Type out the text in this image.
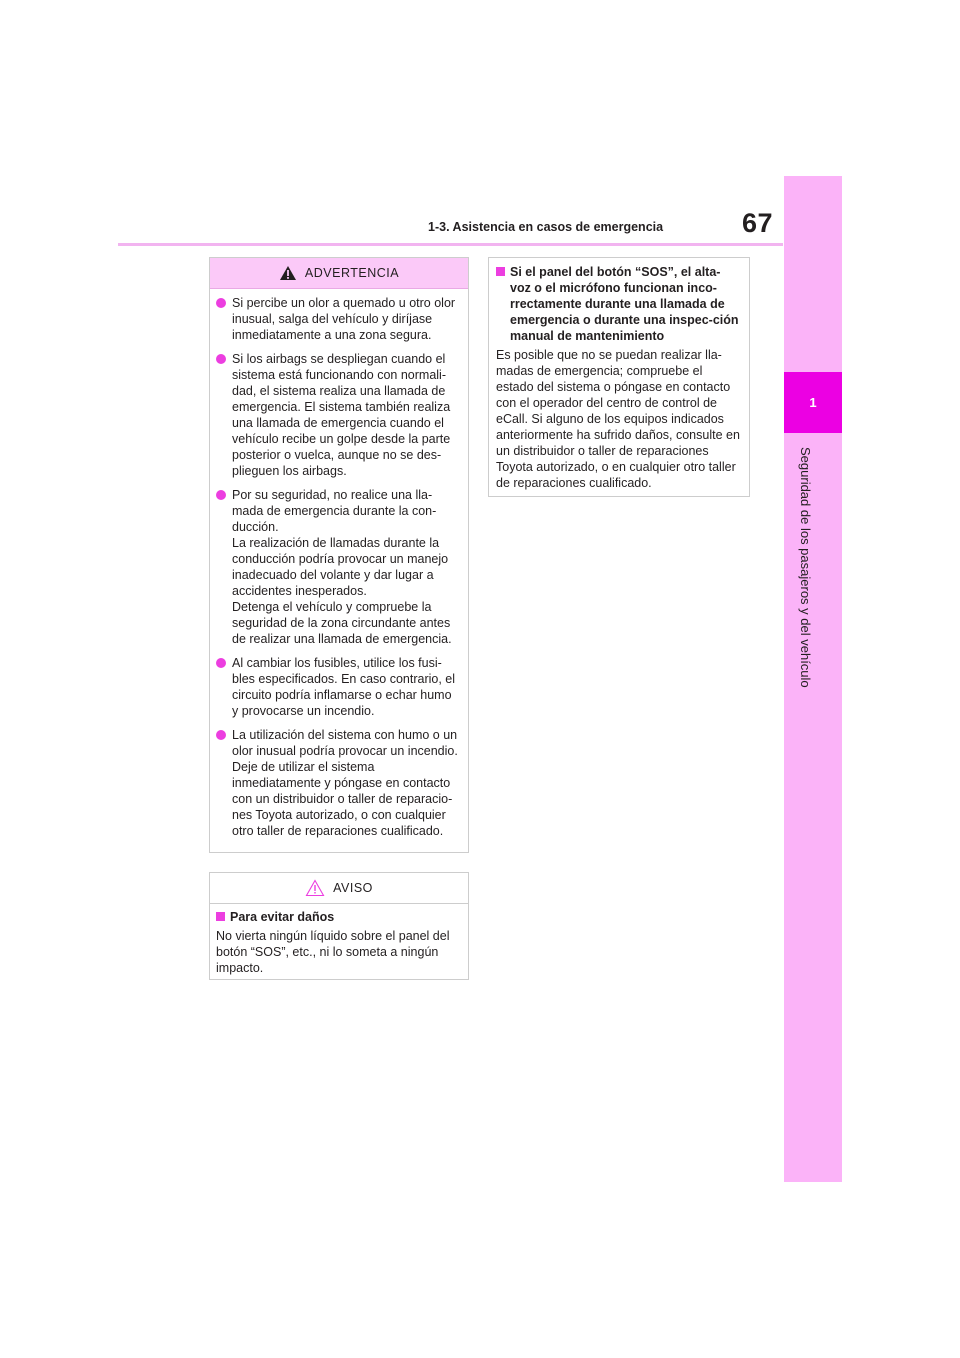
1-3. Asistencia en casos de emergencia	67
1
Seguridad de los pasajeros y del vehículo
ADVERTENCIA

Si percibe un olor a quemado u otro olor inusual, salga del vehículo y diríjase inmediatamente a una zona segura.

Si los airbags se despliegan cuando el sistema está funcionando con normali-dad, el sistema realiza una llamada de emergencia. El sistema también realiza una llamada de emergencia cuando el vehículo recibe un golpe desde la parte posterior o vuelca, aunque no se des-plieguen los airbags.

Por su seguridad, no realice una lla-mada de emergencia durante la con-ducción.
La realización de llamadas durante la conducción podría provocar un manejo inadecuado del volante y dar lugar a accidentes inesperados.
Detenga el vehículo y compruebe la seguridad de la zona circundante antes de realizar una llamada de emergencia.

Al cambiar los fusibles, utilice los fusi-bles especificados. En caso contrario, el circuito podría inflamarse o echar humo y provocarse un incendio.

La utilización del sistema con humo o un olor inusual podría provocar un incendio. Deje de utilizar el sistema inmediatamente y póngase en contacto con un distribuidor o taller de reparacio-nes Toyota autorizado, o con cualquier otro taller de reparaciones cualificado.

AVISO
Para evitar daños

No vierta ningún líquido sobre el panel del botón “SOS”, etc., ni lo someta a ningún impacto.

Si el panel del botón “SOS”, el alta-voz o el micrófono funcionan inco-rrectamente durante una llamada de emergencia o durante una inspec-ción manual de mantenimiento

Es posible que no se puedan realizar lla-madas de emergencia; compruebe el estado del sistema o póngase en contacto con el operador del centro de control de eCall. Si alguno de los equipos indicados anteriormente ha sufrido daños, consulte en un distribuidor o taller de reparaciones Toyota autorizado, o en cualquier otro taller de reparaciones cualificado.
